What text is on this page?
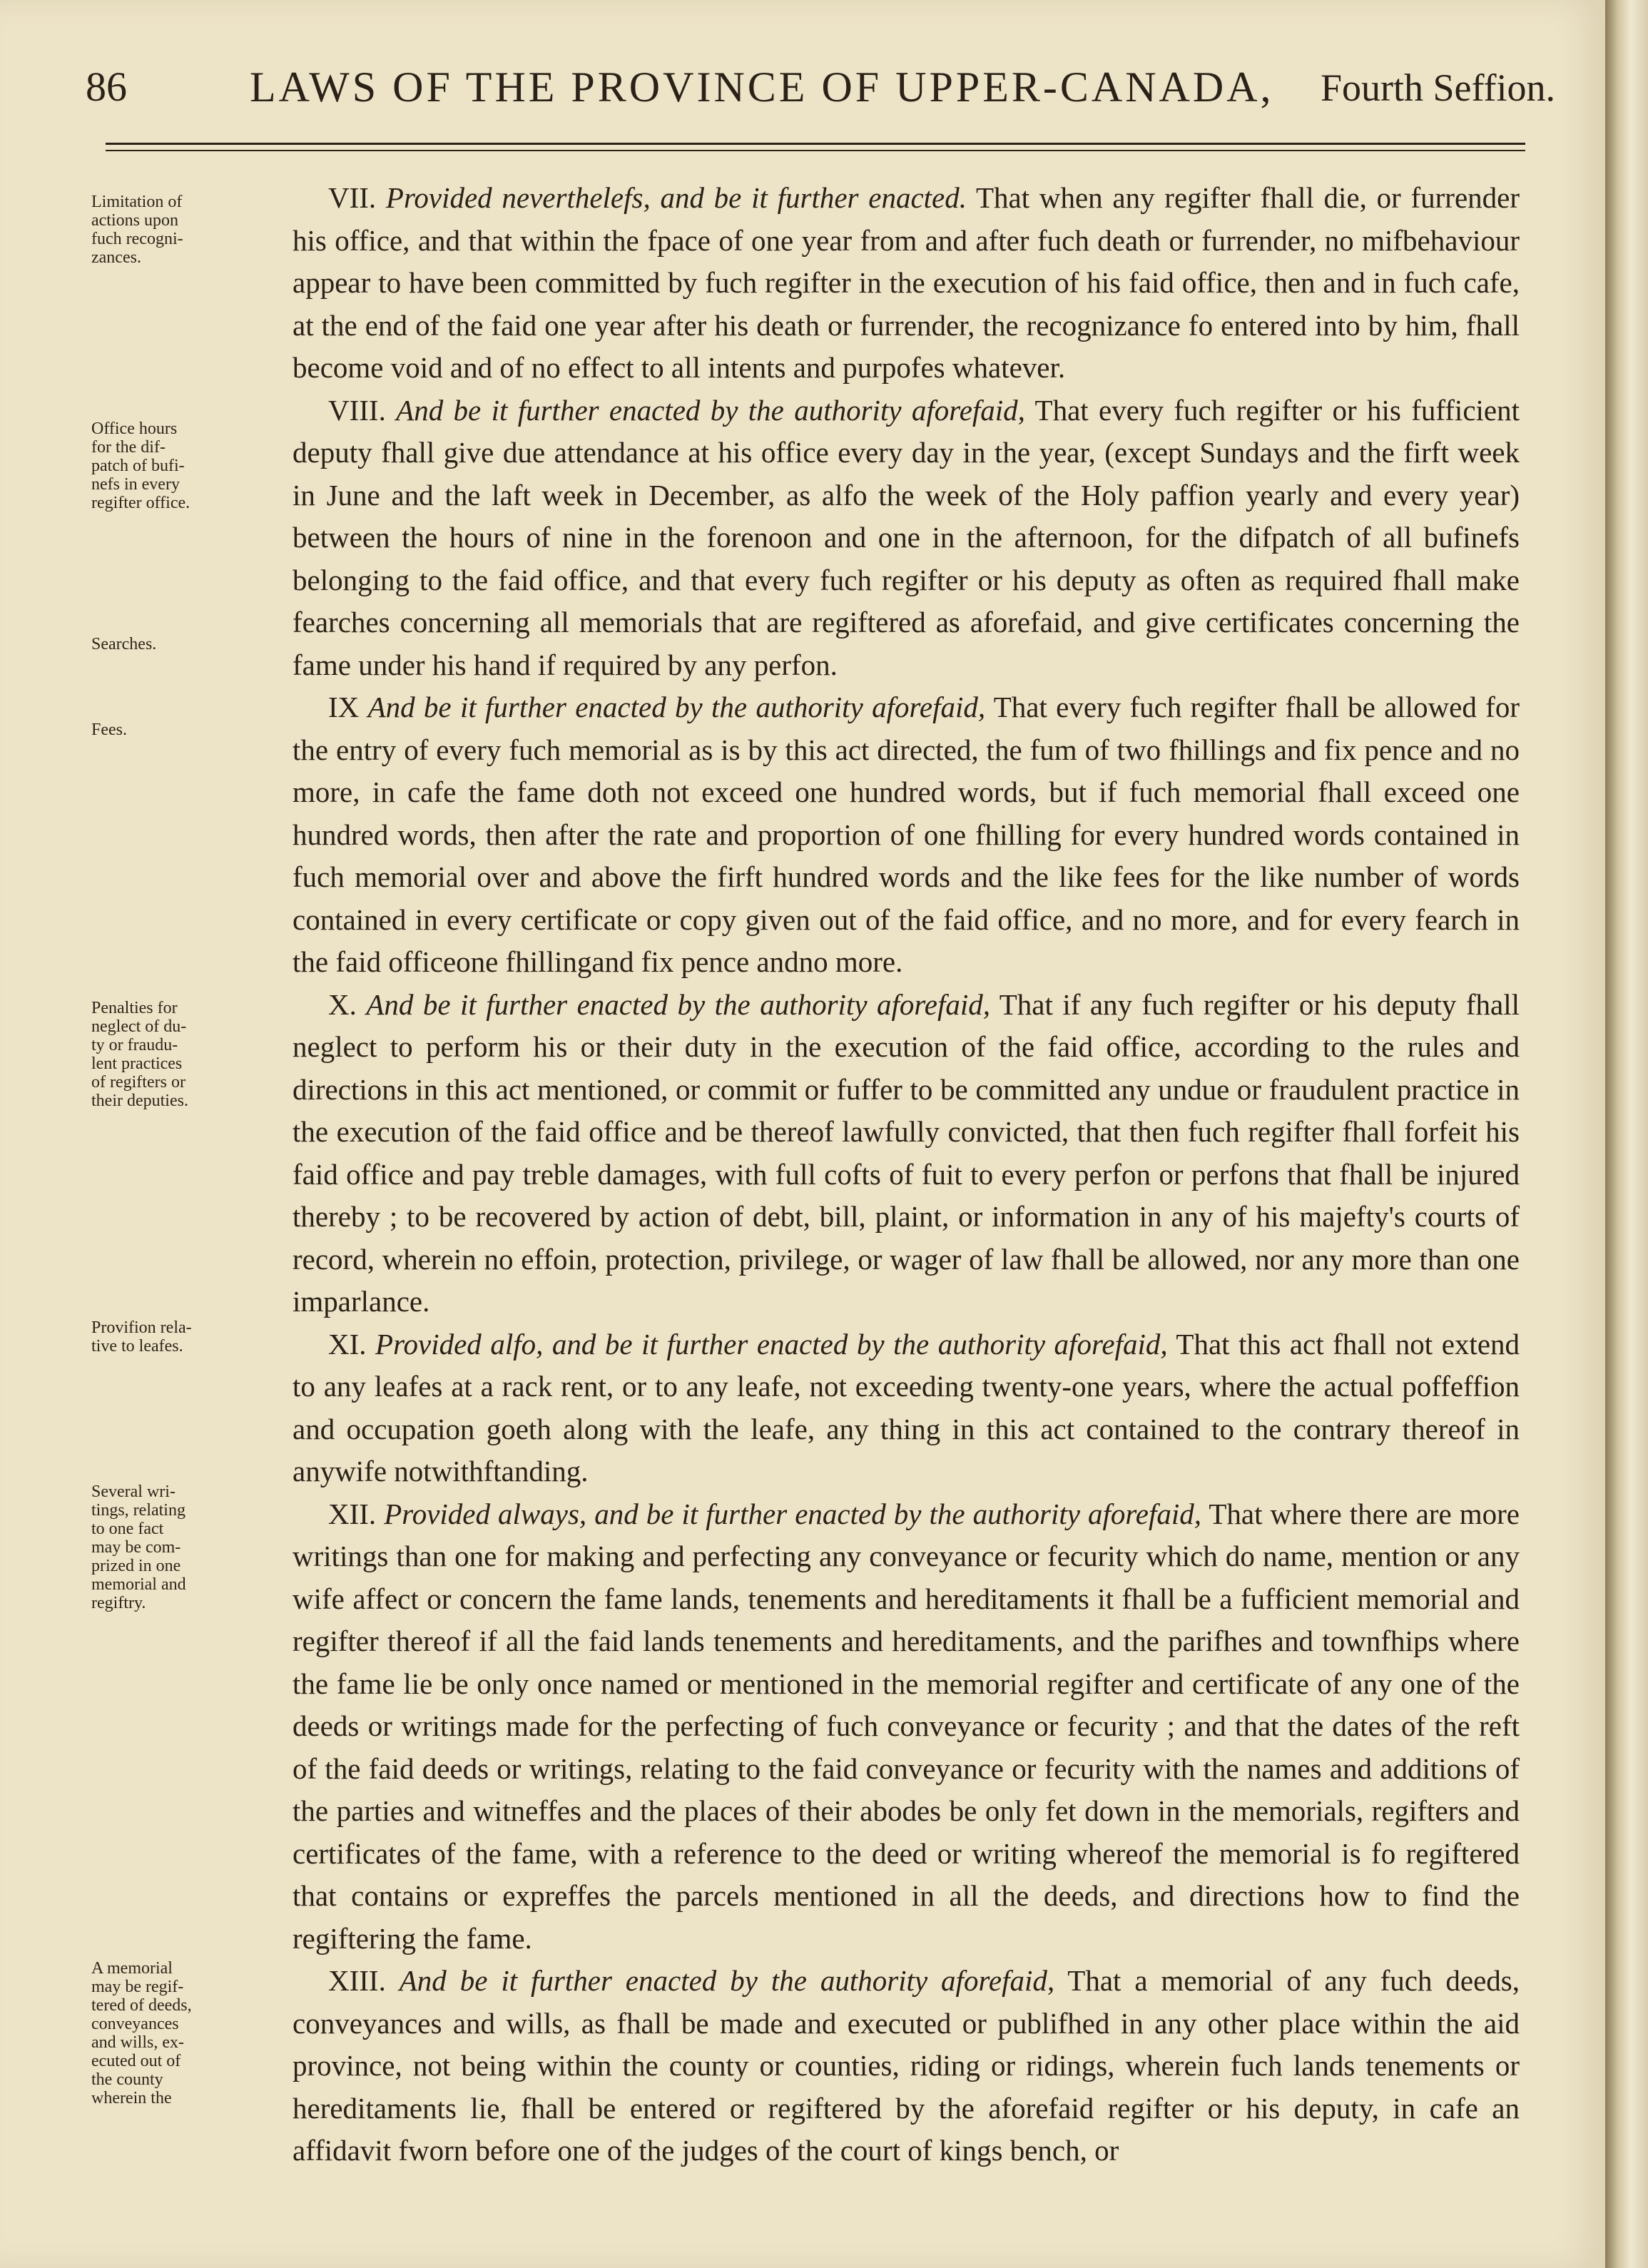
86	LAWS OF THE PROVINCE OF UPPER-CANADA, Fourth Seffion.
Limitation of
actions upon
fuch recogni-
zances.
Office hours
for the dif-
patch of bufi-
nefs in every
regifter office.
Searches.
Fees.
Penalties for
neglect of du-
ty or fraudu-
lent practices
of regifters or
their deputies.
Provifion rela-
tive to leafes.
Several wri-
tings, relating
to one fact
may be com-
prized in one
memorial and
regiftry.
A memorial
may be regif-
tered of deeds,
conveyances
and wills, ex-
ecuted out of
the county
wherein the

VII. Provided neverthelefs, and be it further enacted. That when any regifter fhall die, or furrender his office, and that within the fpace of one year from and after fuch death or furrender, no mifbehaviour appear to have been committed by fuch regifter in the execution of his faid office, then and in fuch cafe, at the end of the faid one year after his death or furrender, the recognizance fo entered into by him, fhall become void and of no effect to all intents and purpofes whatever.

VIII. And be it further enacted by the authority aforefaid, That every fuch regifter or his fufficient deputy fhall give due attendance at his office every day in the year, (except Sundays and the firft week in June and the laft week in December, as alfo the week of the Holy paffion yearly and every year) between the hours of nine in the forenoon and one in the afternoon, for the difpatch of all bufinefs belonging to the faid office, and that every fuch regifter or his deputy as often as required fhall make fearches concerning all memorials that are regiftered as aforefaid, and give certificates concerning the fame under his hand if required by any perfon.

IX And be it further enacted by the authority aforefaid, That every fuch regifter fhall be allowed for the entry of every fuch memorial as is by this act directed, the fum of two fhillings and fix pence and no more, in cafe the fame doth not exceed one hundred words, but if fuch memorial fhall exceed one hundred words, then after the rate and proportion of one fhilling for every hundred words contained in fuch memorial over and above the firft hundred words and the like fees for the like number of words contained in every certificate or copy given out of the faid office, and no more, and for every fearch in the faid officeone fhillingand fix pence andno more.

X. And be it further enacted by the authority aforefaid, That if any fuch regifter or his deputy fhall neglect to perform his or their duty in the execution of the faid office, according to the rules and directions in this act mentioned, or commit or fuffer to be committed any undue or fraudulent practice in the execution of the faid office and be thereof lawfully convicted, that then fuch regifter fhall forfeit his faid office and pay treble damages, with full cofts of fuit to every perfon or perfons that fhall be injured thereby ; to be recovered by action of debt, bill, plaint, or information in any of his majefty's courts of record, wherein no effoin, protection, privilege, or wager of law fhall be allowed, nor any more than one imparlance.

XI. Provided alfo, and be it further enacted by the authority aforefaid, That this act fhall not extend to any leafes at a rack rent, or to any leafe, not exceeding twenty-one years, where the actual poffeffion and occupation goeth along with the leafe, any thing in this act contained to the contrary thereof in anywife notwithftanding.

XII. Provided always, and be it further enacted by the authority aforefaid, That where there are more writings than one for making and perfecting any conveyance or fecurity which do name, mention or any wife affect or concern the fame lands, tenements and hereditaments it fhall be a fufficient memorial and regifter thereof if all the faid lands tenements and hereditaments, and the parifhes and townfhips where the fame lie be only once named or mentioned in the memorial regifter and certificate of any one of the deeds or writings made for the perfecting of fuch conveyance or fecurity ; and that the dates of the reft of the faid deeds or writings, relating to the faid conveyance or fecurity with the names and additions of the parties and witneffes and the places of their abodes be only fet down in the memorials, regifters and certificates of the fame, with a reference to the deed or writing whereof the memorial is fo regiftered that contains or expreffes the parcels mentioned in all the deeds, and directions how to find the regiftering the fame.

XIII. And be it further enacted by the authority aforefaid, That a memorial of any fuch deeds, conveyances and wills, as fhall be made and executed or publifhed in any other place within the aid province, not being within the county or counties, riding or ridings, wherein fuch lands tenements or hereditaments lie, fhall be entered or regiftered by the aforefaid regifter or his deputy, in cafe an affidavit fworn before one of the judges of the court of kings bench, or
